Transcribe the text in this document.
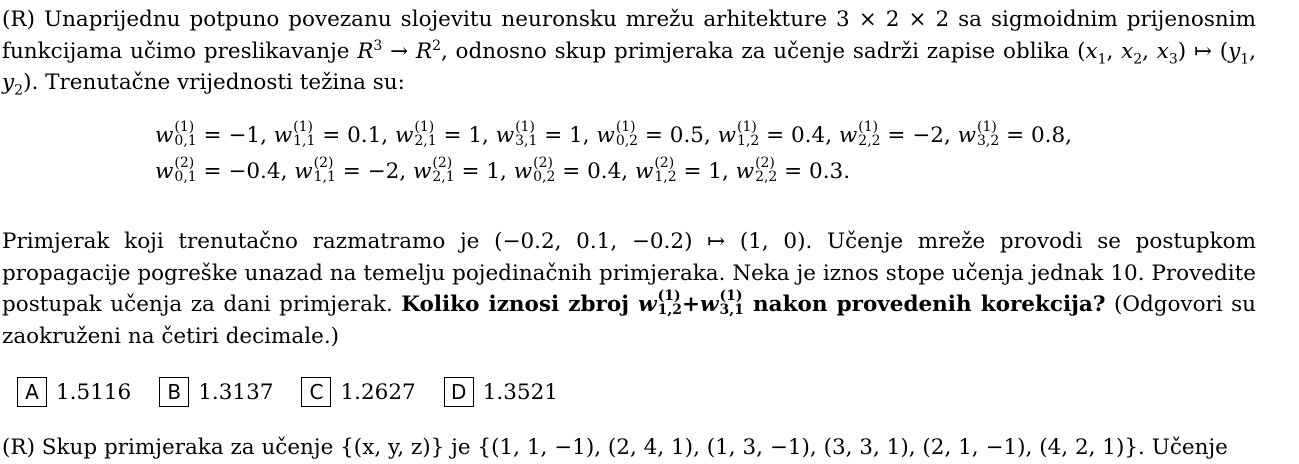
(R) Unaprijednu potpuno povezanu slojevitu neuronsku mrežu arhitekture 3 × 2 × 2 sa sigmoidnim prijenosnim funkcijama učimo preslikavanje $R^3 \to R^2$, odnosno skup primjeraka za učenje sadrži zapise oblika ($x_1$, $x_2$, $x_3$) ↦ ($y_1$, $y_2$). Trenutačne vrijednosti težina su:
w (1)
0,1 = −1, w (1)
1,1 = 0.1, w (1)
2,1 = 1, w (1)
3,1 = 1, w (1)
0,2 = 0.5, w (1)
1,2 = 0.4, w (1)
2,2 = −2, w (1)
3,2 = 0.8,
w (2)
0,1 = −0.4, w (2)
1,1 = −2, w (2)
2,1 = 1, w (2)
0,2 = 0.4, w (2)
1,2 = 1, w (2)
2,2 = 0.3.
Primjerak koji trenutačno razmatramo je (−0.2, 0.1, −0.2) ↦ (1, 0). Učenje mreže provodi se postupkom propagacije pogreške unazad na temelju pojedinačnih primjeraka. Neka je iznos stope učenja jednak 10. Provedite postupak učenja za dani primjerak. Koliko iznosi zbroj w (1)
1,2 +w (1)
3,1 nakon provedenih korekcija? (Odgovori su zaokruženi na četiri decimale.)
A 1.5116	B 1.3137	C 1.2627	D 1.3521
(R) Skup primjeraka za učenje {(x, y, z)} je {(1, 1, −1), (2, 4, 1), (1, 3, −1), (3, 3, 1), (2, 1, −1), (4, 2, 1)}. Učenje
